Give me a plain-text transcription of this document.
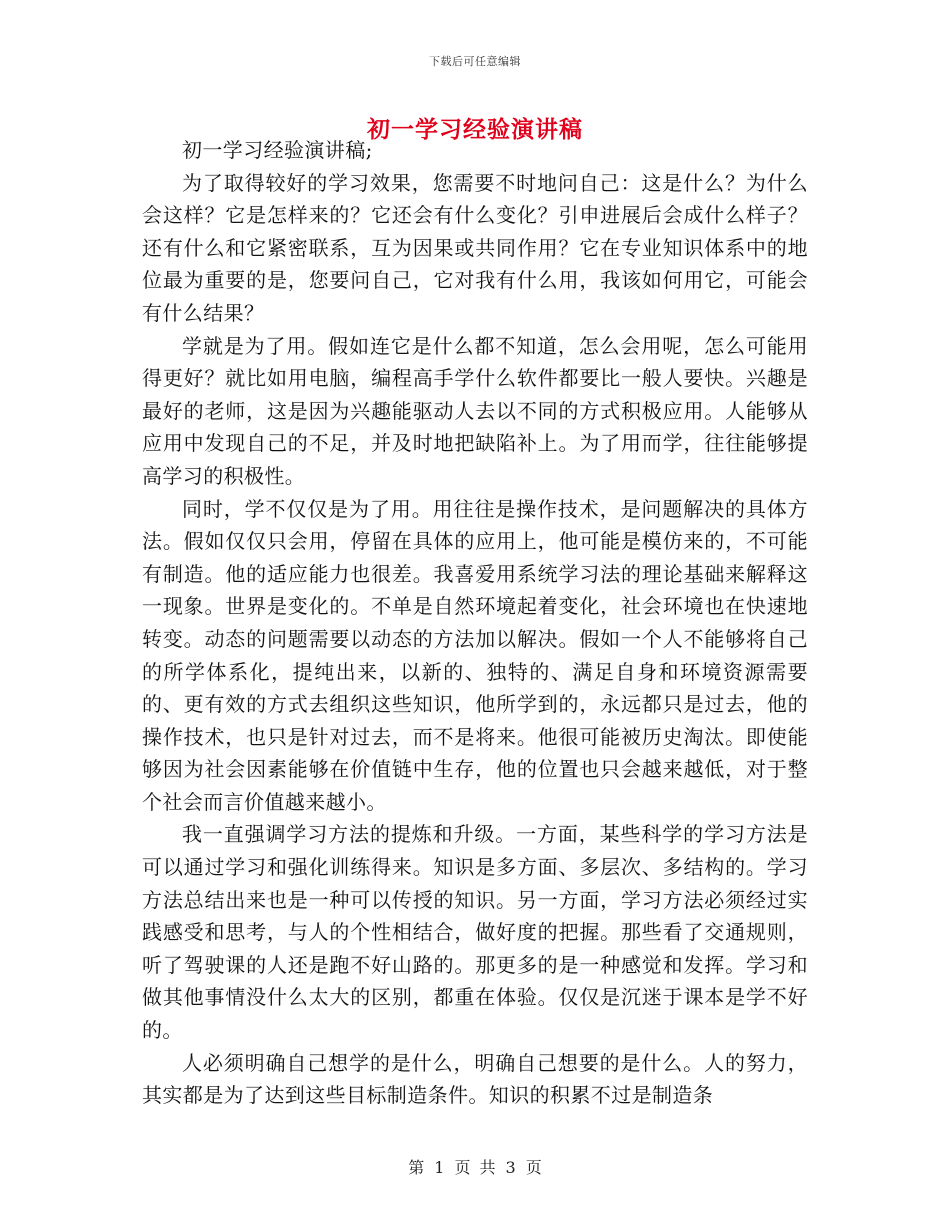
下载后可任意编辑
初一学习经验演讲稿

初一学习经验演讲稿;

为了取得较好的学习效果，您需要不时地问自己：这是什么？为什么会这样？它是怎样来的？它还会有什么变化？引申进展后会成什么样子？还有什么和它紧密联系，互为因果或共同作用？它在专业知识体系中的地位最为重要的是，您要问自己，它对我有什么用，我该如何用它，可能会有什么结果？

学就是为了用。假如连它是什么都不知道，怎么会用呢，怎么可能用得更好？就比如用电脑，编程高手学什么软件都要比一般人要快。兴趣是最好的老师，这是因为兴趣能驱动人去以不同的方式积极应用。人能够从应用中发现自己的不足，并及时地把缺陷补上。为了用而学，往往能够提高学习的积极性。

同时，学不仅仅是为了用。用往往是操作技术，是问题解决的具体方法。假如仅仅只会用，停留在具体的应用上，他可能是模仿来的，不可能有制造。他的适应能力也很差。我喜爱用系统学习法的理论基础来解释这一现象。世界是变化的。不单是自然环境起着变化，社会环境也在快速地转变。动态的问题需要以动态的方法加以解决。假如一个人不能够将自己的所学体系化，提纯出来，以新的、独特的、满足自身和环境资源需要的、更有效的方式去组织这些知识，他所学到的，永远都只是过去，他的操作技术，也只是针对过去，而不是将来。他很可能被历史淘汰。即使能够因为社会因素能够在价值链中生存，他的位置也只会越来越低，对于整个社会而言价值越来越小。

我一直强调学习方法的提炼和升级。一方面，某些科学的学习方法是可以通过学习和强化训练得来。知识是多方面、多层次、多结构的。学习方法总结出来也是一种可以传授的知识。另一方面，学习方法必须经过实践感受和思考，与人的个性相结合，做好度的把握。那些看了交通规则，听了驾驶课的人还是跑不好山路的。那更多的是一种感觉和发挥。学习和做其他事情没什么太大的区别，都重在体验。仅仅是沉迷于课本是学不好的。

人必须明确自己想学的是什么，明确自己想要的是什么。人的努力，其实都是为了达到这些目标制造条件。知识的积累不过是制造条

第 1 页 共 3 页
